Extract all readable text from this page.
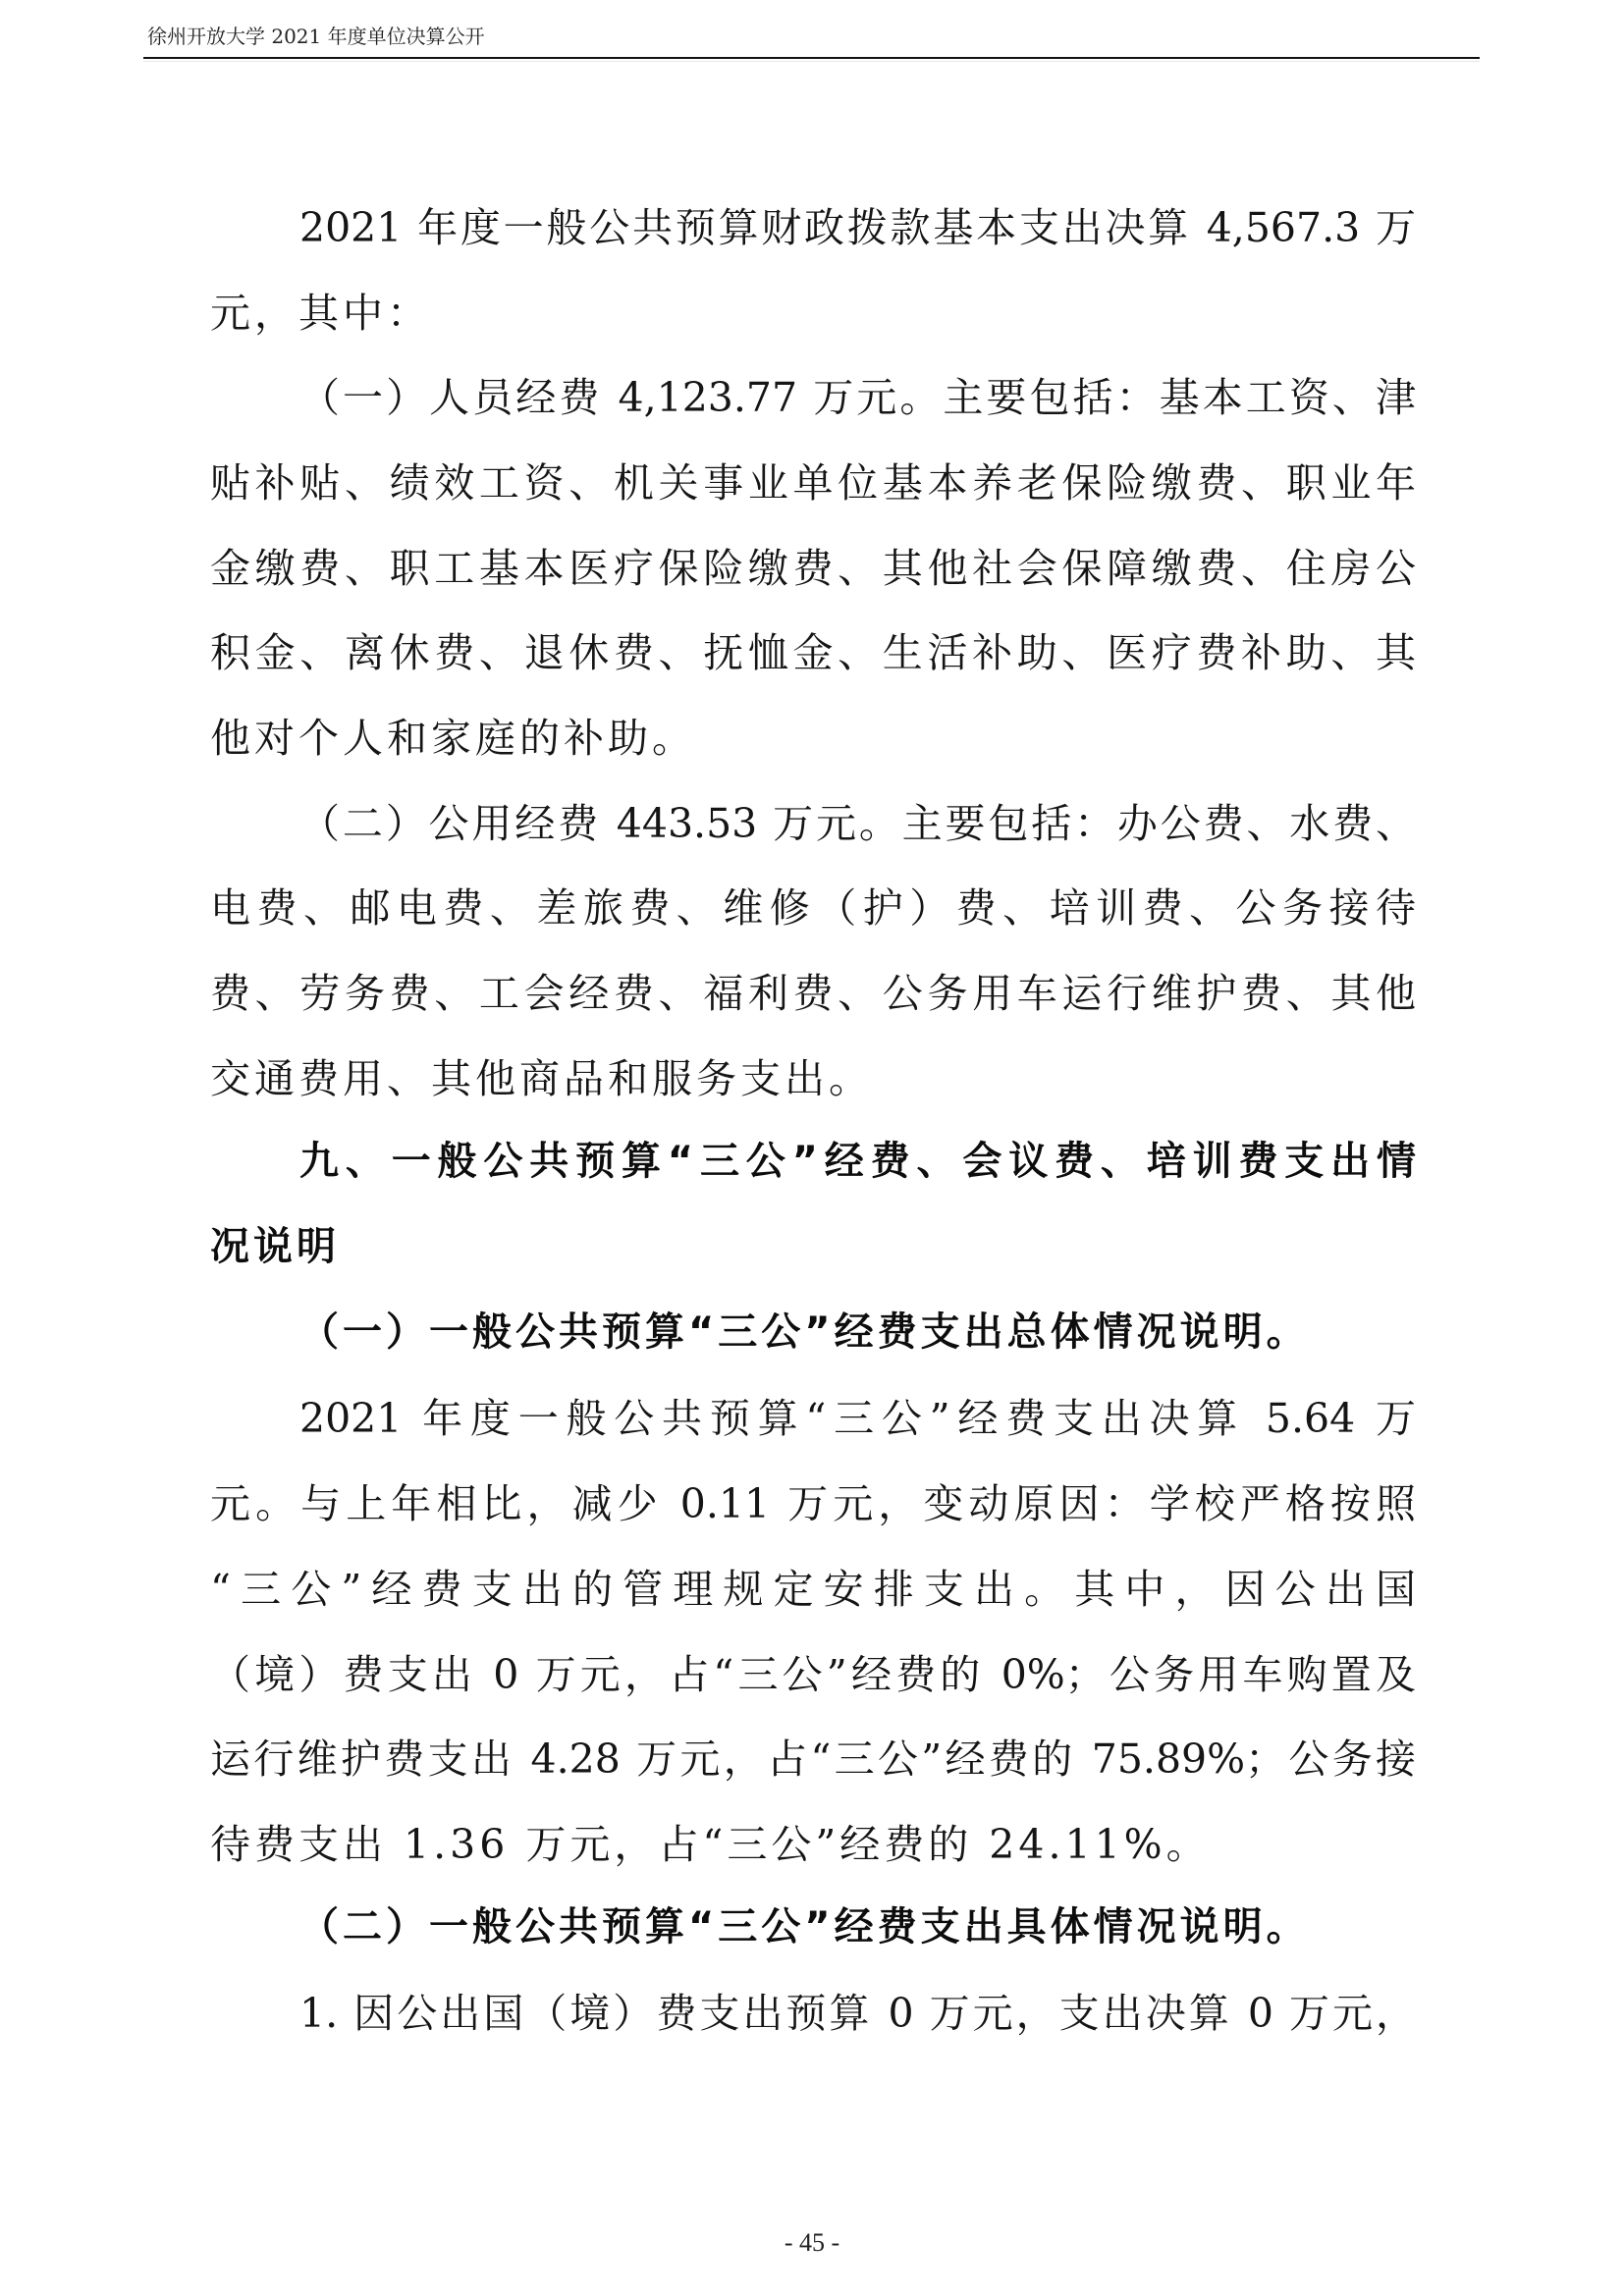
徐州开放大学 2021 年度单位决算公开
2021 年度一般公共预算财政拨款基本支出决算 4,567.3 万
元，其中：
（一）人员经费 4,123.77 万元。主要包括：基本工资、津
贴补贴、绩效工资、机关事业单位基本养老保险缴费、职业年
金缴费、职工基本医疗保险缴费、其他社会保障缴费、住房公
积金、离休费、退休费、抚恤金、生活补助、医疗费补助、其
他对个人和家庭的补助。
（二）公用经费 443.53 万元。主要包括：办公费、水费、
电费、邮电费、差旅费、维修（护）费、培训费、公务接待
费、劳务费、工会经费、福利费、公务用车运行维护费、其他
交通费用、其他商品和服务支出。
九、一般公共预算“三公”经费、会议费、培训费支出情
况说明
（一）一般公共预算“三公”经费支出总体情况说明。
2021 年度一般公共预算“三公”经费支出决算 5.64 万
元。与上年相比，减少 0.11 万元，变动原因：学校严格按照
“三公”经费支出的管理规定安排支出。其中，因公出国
（境）费支出 0 万元，占“三公”经费的 0%；公务用车购置及
运行维护费支出 4.28 万元，占“三公”经费的 75.89%；公务接
待费支出 1.36 万元，占“三公”经费的 24.11%。
（二）一般公共预算“三公”经费支出具体情况说明。
1. 因公出国（境）费支出预算 0 万元，支出决算 0 万元，
- 45 -
